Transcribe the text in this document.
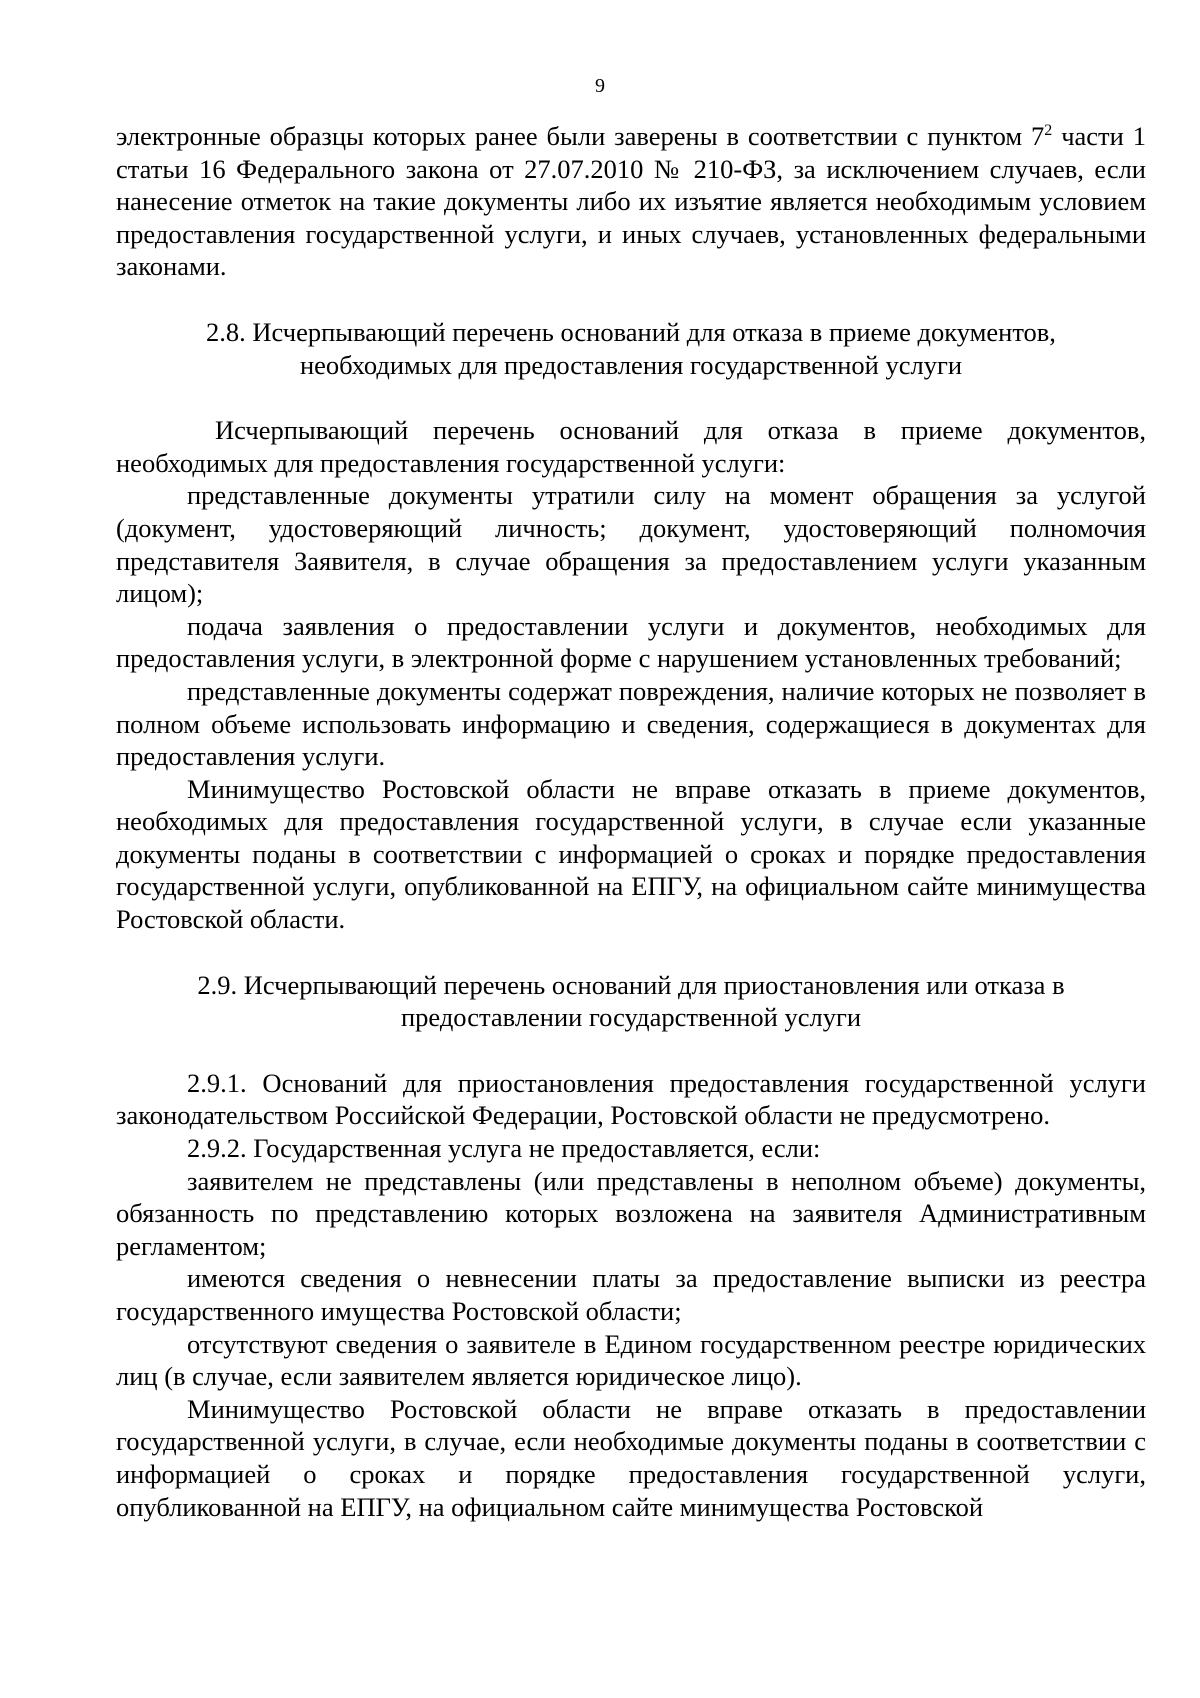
9

электронные образцы которых ранее были заверены в соответствии с пунктом $7^2$ части 1 статьи 16 Федерального закона от 27.07.2010 № 210-ФЗ, за исключением случаев, если нанесение отметок на такие документы либо их изъятие является необходимым условием предоставления государственной услуги, и иных случаев, установленных федеральными законами.

2.8. Исчерпывающий перечень оснований для отказа в приеме документов,

необходимых для предоставления государственной услуги

Исчерпывающий перечень оснований для отказа в приеме документов, необходимых для предоставления государственной услуги:

представленные документы утратили силу на момент обращения за услугой (документ, удостоверяющий личность; документ, удостоверяющий полномочия представителя Заявителя, в случае обращения за предоставлением услуги указанным лицом);

подача заявления о предоставлении услуги и документов, необходимых для предоставления услуги, в электронной форме с нарушением установленных требований;

представленные документы содержат повреждения, наличие которых не позволяет в полном объеме использовать информацию и сведения, содержащиеся в документах для предоставления услуги.

Минимущество Ростовской области не вправе отказать в приеме документов, необходимых для предоставления государственной услуги, в случае если указанные документы поданы в соответствии с информацией о сроках и порядке предоставления государственной услуги, опубликованной на ЕПГУ, на официальном сайте минимущества Ростовской области.

2.9. Исчерпывающий перечень оснований для приостановления или отказа в

предоставлении государственной услуги

2.9.1. Оснований для приостановления предоставления государственной услуги законодательством Российской Федерации, Ростовской области не предусмотрено.

2.9.2. Государственная услуга не предоставляется, если:

заявителем не представлены (или представлены в неполном объеме) документы, обязанность по представлению которых возложена на заявителя Административным регламентом;

имеются сведения о невнесении платы за предоставление выписки из реестра государственного имущества Ростовской области;

отсутствуют сведения о заявителе в Едином государственном реестре юридических лиц (в случае, если заявителем является юридическое лицо).

Минимущество Ростовской области не вправе отказать в предоставлении государственной услуги, в случае, если необходимые документы поданы в соответствии с информацией о сроках и порядке предоставления государственной услуги, опубликованной на ЕПГУ, на официальном сайте минимущества Ростовской
